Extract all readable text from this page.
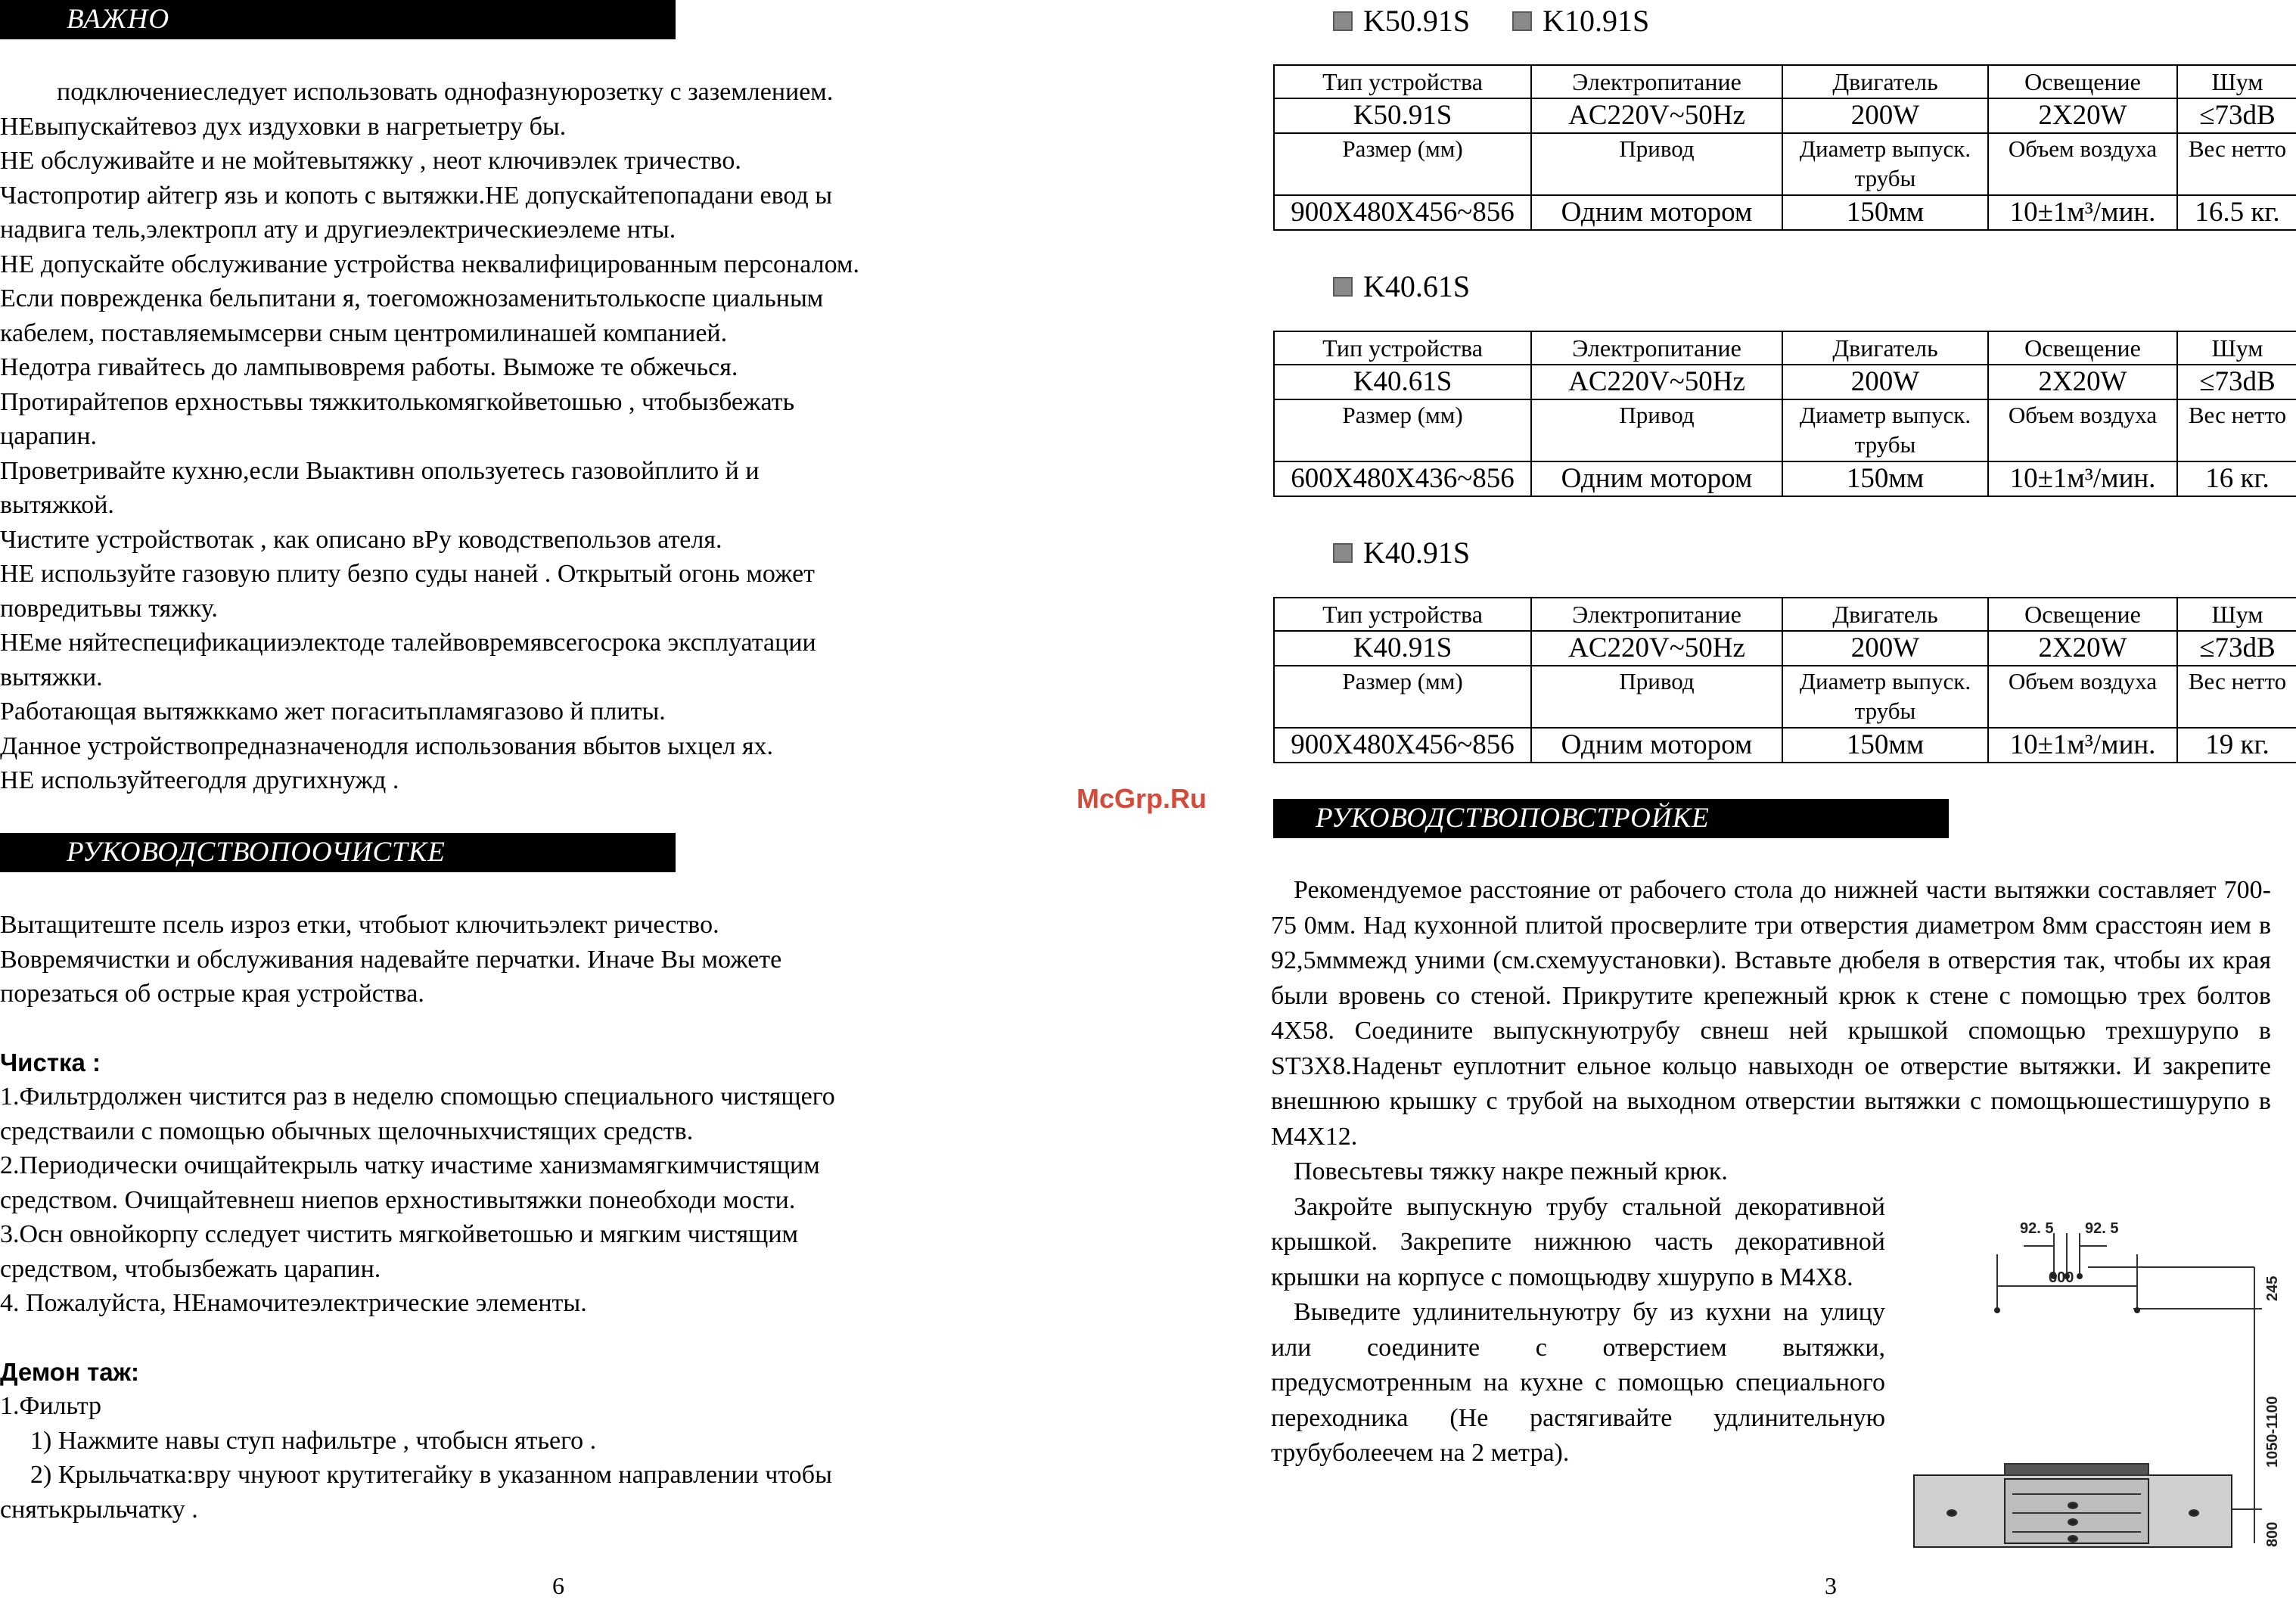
ВАЖНО

подключениеследует использовать однофазнуюрозетку с заземлением.

НЕвыпускайтевоз дух издуховки в нагретыетру бы.

НЕ обслуживайте и не мойтевытяжку , неот ключивэлек тричество.

Частопротир айтегр язь и копоть с вытяжки.НЕ допускайтепопадани евод ы

надвига тель,электропл ату и другиеэлектрическиеэлеме нты.

НЕ допускайте обслуживание устройства неквалифицированным персоналом.

Если поврежденка бельпитани я, тоегоможнозаменитьтолькоспе циальным

кабелем, поставляемымсерви сным центромилинашей компанией.

Недотра гивайтесь до лампывовремя работы. Выможе те обжечься.

Протирайтепов ерхностьвы тяжкитолькомягкойветошью , чтобызбежать

царапин.

Проветривайте кухню,если Выактивн опользуетесь газовойплито й и

вытяжкой.

Чистите устройствотак , как описано вРу ководствепользов ателя.

НЕ используйте газовую плиту безпо суды наней . Открытый огонь может

повредитьвы тяжку.

НЕме няйтеспецификацииэлектоде талейвовремявсегосрока эксплуатации

вытяжки.

Работающая вытяжккамо жет погаситьпламягазово й плиты.

Данное устройствопредназначенодля использования вбытов ыхцел ях.

НЕ используйтеегодля другихнужд .

РУКОВОДСТВОПООЧИСТКЕ

Вытащитеште псель изроз етки, чтобыот ключитьэлект ричество.

Вовремячистки и обслуживания надевайте перчатки. Иначе Вы можете

порезаться об острые края устройства.

Чистка :

1.Фильтрдолжен чистится раз в неделю спомощью специального чистящего

средстваили с помощью обычных щелочныхчистящих средств.

2.Периодически очищайтекрыль чатку ичастиме ханизмамягкимчистящим

средством. Очищайтевнеш ниепов ерхностивытяжки понеобходи мости.

3.Осн овнойкорпу сследует чистить мягкойветошью и мягким чистящим

средством, чтобызбежать царапин.

4. Пожалуйста, НЕнамочитеэлектрические элементы.

Демон таж:

1.Фильтр

1) Нажмите навы ступ нафильтре , чтобысн ятьего .

2) Крыльчатка:вру чнуюот крутитегайку в указанном направлении чтобы

снятькрыльчатку .

6
McGrp.Ru
K50.91S K10.91S
Тип устройства	Электропитание	Двигатель	Освещение	Шум
K50.91S	AC220V~50Hz	200W	2X20W	≤73dB
Размер (мм)	Привод	Диаметр выпуск. трубы	Объем воздуха	Вес нетто
900X480X456~856	Одним мотором	150мм	10±1м³/мин.	16.5 кг.
K40.61S
Тип устройства	Электропитание	Двигатель	Освещение	Шум
K40.61S	AC220V~50Hz	200W	2X20W	≤73dB
Размер (мм)	Привод	Диаметр выпуск. трубы	Объем воздуха	Вес нетто
600X480X436~856	Одним мотором	150мм	10±1м³/мин.	16 кг.
K40.91S
Тип устройства	Электропитание	Двигатель	Освещение	Шум
K40.91S	AC220V~50Hz	200W	2X20W	≤73dB
Размер (мм)	Привод	Диаметр выпуск. трубы	Объем воздуха	Вес нетто
900X480X456~856	Одним мотором	150мм	10±1м³/мин.	19 кг.
РУКОВОДСТВОПОВСТРОЙКЕ

Рекомендуемое расстояние от рабочего стола до нижней части вытяжки составляет 700-75 0мм. Над кухонной плитой просверлите три отверстия диаметром 8мм срасстоян ием в 92,5мммежд уними (см.схемуустановки). Вставьте дюбеля в отверстия так, чтобы их края были вровень со стеной. Прикрутите крепежный крюк к стене с помощью трех болтов 4X58. Соедините выпускнуютрубу свнеш ней крышкой спомощью трехшурупо в ST3X8.Наденьт еуплотнит ельное кольцо навыходн ое отверстие вытяжки. И закрепите внешнюю крышку с трубой на выходном отверстии вытяжки с помощьюшестишурупо в M4X12.

Повесьтевы тяжку накре пежный крюк.

Закройте выпускную трубу стальной декоративной крышкой. Закрепите нижнюю часть декоративной крышки на корпусе с помощьюдву хшурупо в M4X8.

Выведите удлинительнуютру бу из кухни на улицу или соедините с отверстием вытяжки, предусмотренным на кухне с помощью специального переходника (Не растягивайте удлинительную трубуболеечем на 2 метра).

92. 5 92. 5
600	245
1050-1100
800
3
